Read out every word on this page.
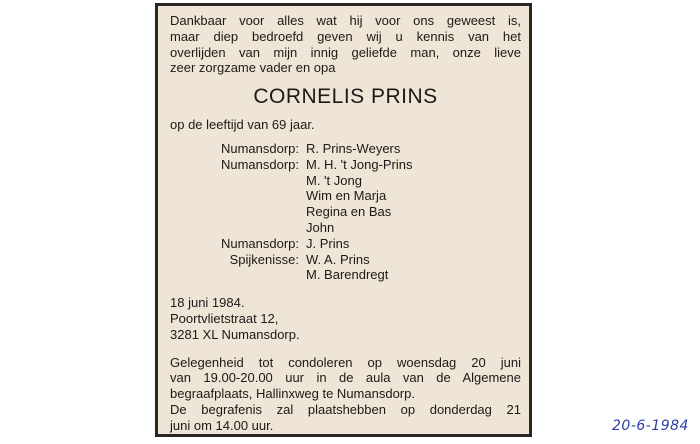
Dankbaar voor alles wat hij voor ons geweest is,
maar diep bedroefd geven wij u kennis van het
overlijden van mijn innig geliefde man, onze lieve
zeer zorgzame vader en opa
CORNELIS PRINS
op de leeftijd van 69 jaar.
Numansdorp: R. Prins-Weyers
Numansdorp: M. H. 't Jong-Prins
M. 't Jong
Wim en Marja
Regina en Bas
John
Numansdorp: J. Prins
Spijkenisse: W. A. Prins
M. Barendregt
18 juni 1984.
Poortvlietstraat 12,
3281 XL Numansdorp.
Gelegenheid tot condoleren op woensdag 20 juni
van 19.00-20.00 uur in de aula van de Algemene
begraafplaats, Hallinxweg te Numansdorp.
De begrafenis zal plaatshebben op donderdag 21
juni om 14.00 uur.	20-6-1984
